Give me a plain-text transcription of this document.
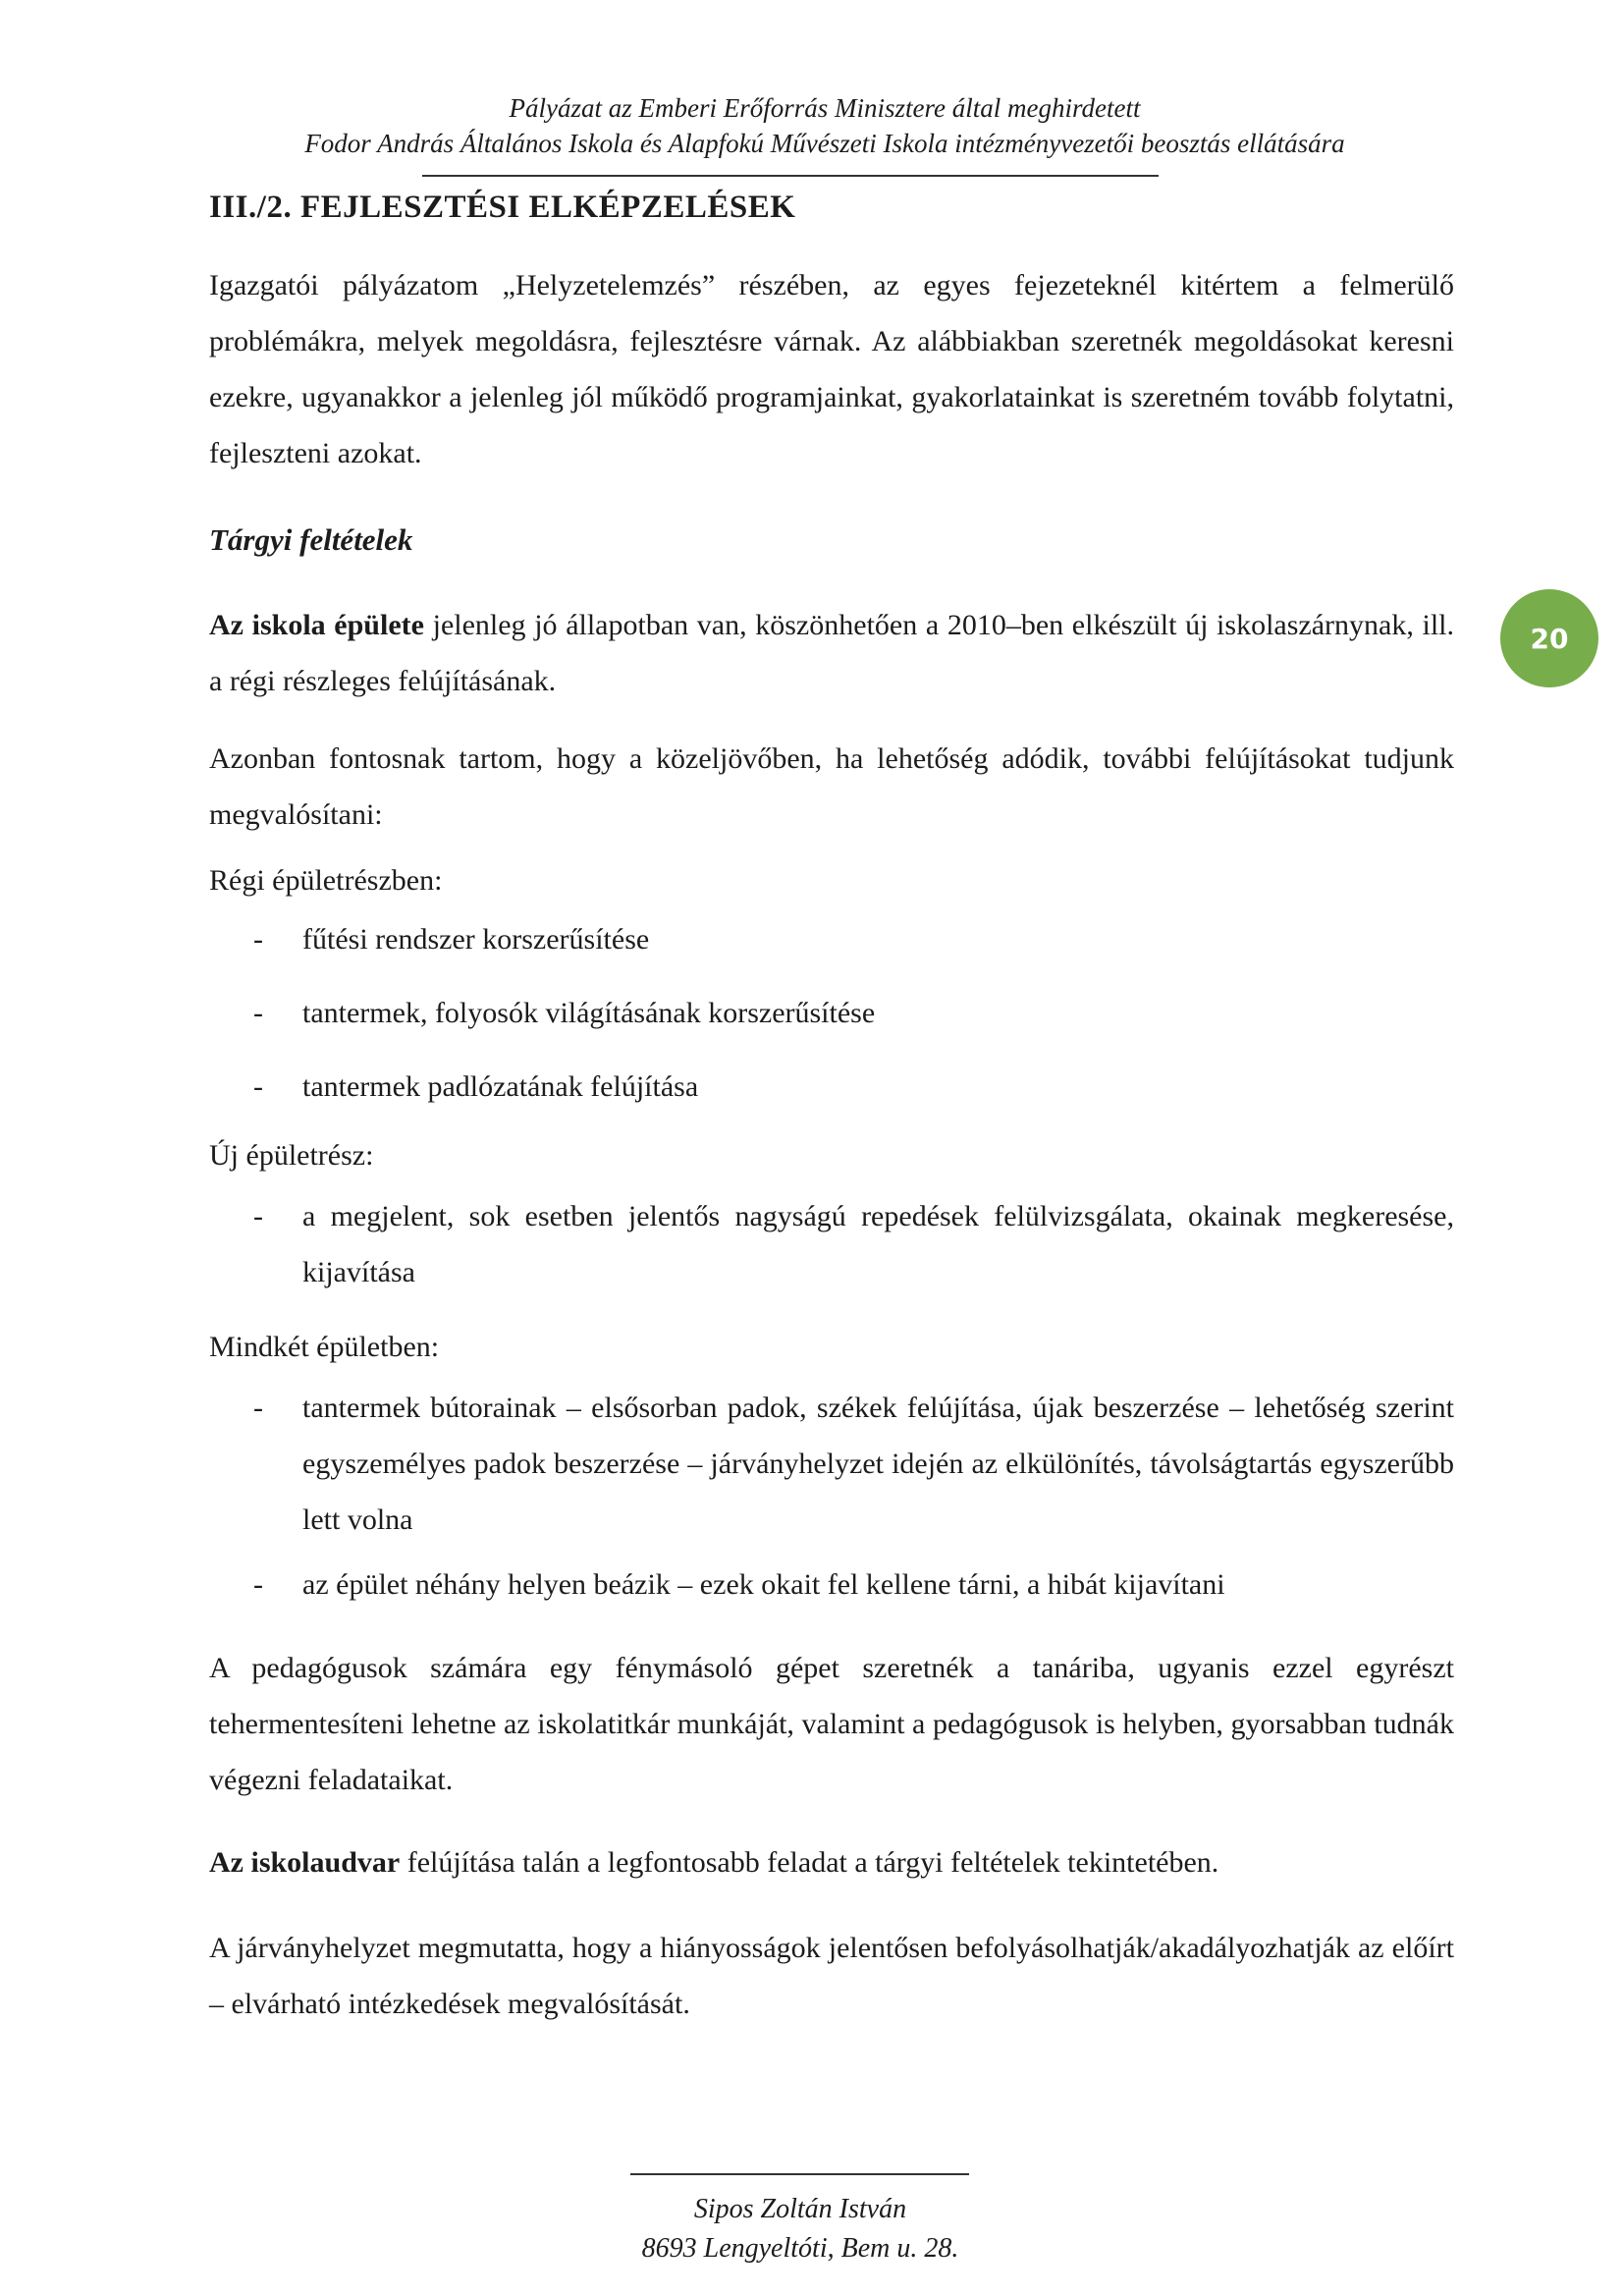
Pályázat az Emberi Erőforrás Minisztere által meghirdetett
Fodor András Általános Iskola és Alapfokú Művészeti Iskola intézményvezetői beosztás ellátására
III./2. FEJLESZTÉSI ELKÉPZELÉSEK

Igazgatói pályázatom „Helyzetelemzés” részében, az egyes fejezeteknél kitértem a felmerülő problémákra, melyek megoldásra, fejlesztésre várnak. Az alábbiakban szeretnék megoldásokat keresni ezekre, ugyanakkor a jelenleg jól működő programjainkat, gyakorlatainkat is szeretném tovább folytatni, fejleszteni azokat.

Tárgyi feltételek

Az iskola épülete jelenleg jó állapotban van, köszönhetően a 2010–ben elkészült új iskolaszárnynak, ill. a régi részleges felújításának.

20

Azonban fontosnak tartom, hogy a közeljövőben, ha lehetőség adódik, további felújításokat tudjunk megvalósítani:

Régi épületrészben:
- fűtési rendszer korszerűsítése
- tantermek, folyosók világításának korszerűsítése
- tantermek padlózatának felújítása
Új épületrész:
- a megjelent, sok esetben jelentős nagyságú repedések felülvizsgálata, okainak megkeresése, kijavítása
Mindkét épületben:
- tantermek bútorainak – elsősorban padok, székek felújítása, újak beszerzése – lehetőség szerint egyszemélyes padok beszerzése – járványhelyzet idején az elkülönítés, távolságtartás egyszerűbb lett volna
- az épület néhány helyen beázik – ezek okait fel kellene tárni, a hibát kijavítani

A pedagógusok számára egy fénymásoló gépet szeretnék a tanáriba, ugyanis ezzel egyrészt tehermentesíteni lehetne az iskolatitkár munkáját, valamint a pedagógusok is helyben, gyorsabban tudnák végezni feladataikat.

Az iskolaudvar felújítása talán a legfontosabb feladat a tárgyi feltételek tekintetében.

A járványhelyzet megmutatta, hogy a hiányosságok jelentősen befolyásolhatják/akadályozhatják az előírt – elvárható intézkedések megvalósítását.

Sipos Zoltán István
8693 Lengyeltóti, Bem u. 28.
